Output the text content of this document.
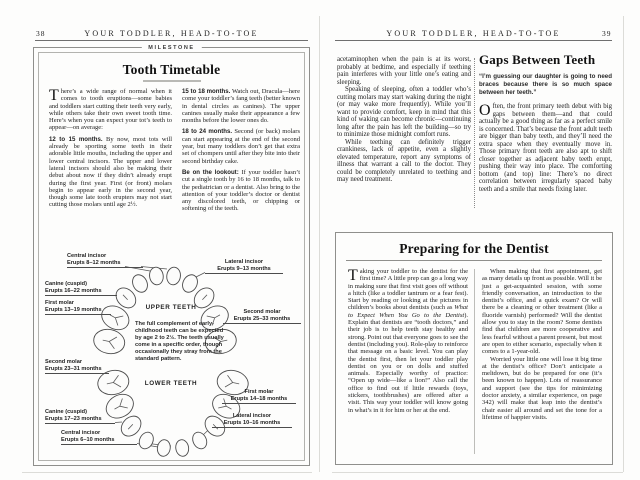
38	YOUR TODDLER, HEAD-TO-TOE	YOUR TODDLER, HEAD-TO-TOE	39
MILESTONE
Tooth Timetable

There’s a wide range of normal when it comes to tooth eruptions—some babies and toddlers start cutting their teeth very early, while others take their own sweet tooth time. Here’s when you can expect your tot’s teeth to appear—on average:

12 to 15 months. By now, most tots will already be sporting some teeth in their adorable little mouths, including the upper and lower central incisors. The upper and lower lateral incisors should also be making their debut about now if they didn’t already erupt during the first year. First (or front) molars begin to appear early in the second year, though some late tooth erupters may not start cutting those molars until age 2½.

15 to 18 months. Watch out, Dracula—here come your toddler’s fang teeth (better known in dental circles as canines). The upper canines usually make their appearance a few months before the lower ones do.

18 to 24 months. Second (or back) molars can start appearing at the end of the second year, but many toddlers don’t get that extra set of chompers until after they bite into their second birthday cake.

Be on the lookout: If your toddler hasn’t cut a single tooth by 16 to 18 months, talk to the pediatrician or a dentist. Also bring to the attention of your toddler’s doctor or dentist any discolored teeth, or chipping or softening of the teeth.

Central incisor
Erupts 8–12 months	Lateral incisor
Erupts 9–13 months
Canine (cuspid)
Erupts 16–22 months
First molar
Erupts 13–19 months	Second molar
Erupts 25–33 months
UPPER TEETH
The full complement of early-childhood teeth can be expected by age 2 to 2½. The teeth usually come in a specific order, though occasionally they stray from the standard pattern.
LOWER TEETH
Second molar
Erupts 23–31 months
Canine (cuspid)
Erupts 17–23 months
Central incisor
Erupts 6–10 months
First molar
Erupts 14–18 months
Lateral incisor
Erupts 10–16 months

acetaminophen when the pain is at its worst, probably at bedtime, and especially if teething pain interferes with your little one’s eating and sleeping.

Speaking of sleeping, often a toddler who’s cutting molars may start waking during the night (or may wake more frequently). While you’ll want to provide comfort, keep in mind that this kind of waking can become chronic—continuing long after the pain has left the building—so try to minimize those midnight comfort runs.

While teething can definitely trigger crankiness, lack of appetite, even a slightly elevated temperature, report any symptoms of illness that warrant a call to the doctor. They could be completely unrelated to teething and may need treatment.

Gaps Between Teeth
“I’m guessing our daughter is going to need braces because there is so much space between her teeth.”

Often, the front primary teeth debut with big gaps between them—and that could actually be a good thing as far as a perfect smile is concerned. That’s because the front adult teeth are bigger than baby teeth, and they’ll need the extra space when they eventually move in. Those primary front teeth are also apt to shift closer together as adjacent baby teeth erupt, pushing their way into place. The comforting bottom (and top) line: There’s no direct correlation between irregularly spaced baby teeth and a smile that needs fixing later.

Preparing for the Dentist

Taking your toddler to the dentist for the first time? A little prep can go a long way in making sure that first visit goes off without a hitch (like a toddler tantrum or a fear fest). Start by reading or looking at the pictures in children’s books about dentists (such as What to Expect When You Go to the Dentist). Explain that dentists are “tooth doctors,” and their job is to help teeth stay healthy and strong. Point out that everyone goes to see the dentist (including you). Role-play to reinforce that message on a basic level. You can play the dentist first, then let your toddler play dentist on you or on dolls and stuffed animals. Especially worthy of practice: “Open up wide—like a lion!” Also call the office to find out if little rewards (toys, stickers, toothbrushes) are offered after a visit. This way your toddler will know going in what’s in it for him or her at the end.

When making that first appointment, get as many details up front as possible. Will it be just a get-acquainted session, with some friendly conversation, an introduction to the dentist’s office, and a quick exam? Or will there be a cleaning or other treatment (like a fluoride varnish) performed? Will the dentist allow you to stay in the room? Some dentists find that children are more cooperative and less fearful without a parent present, but most are open to either scenario, especially when it comes to a 1-year-old.

Worried your little one will lose it big time at the dentist’s office? Don’t anticipate a meltdown, but do be prepared for one (it’s been known to happen). Lots of reassurance and support (see the tips for minimizing doctor anxiety, a similar experience, on page 342) will make that leap into the dentist’s chair easier all around and set the tone for a lifetime of happier visits.
